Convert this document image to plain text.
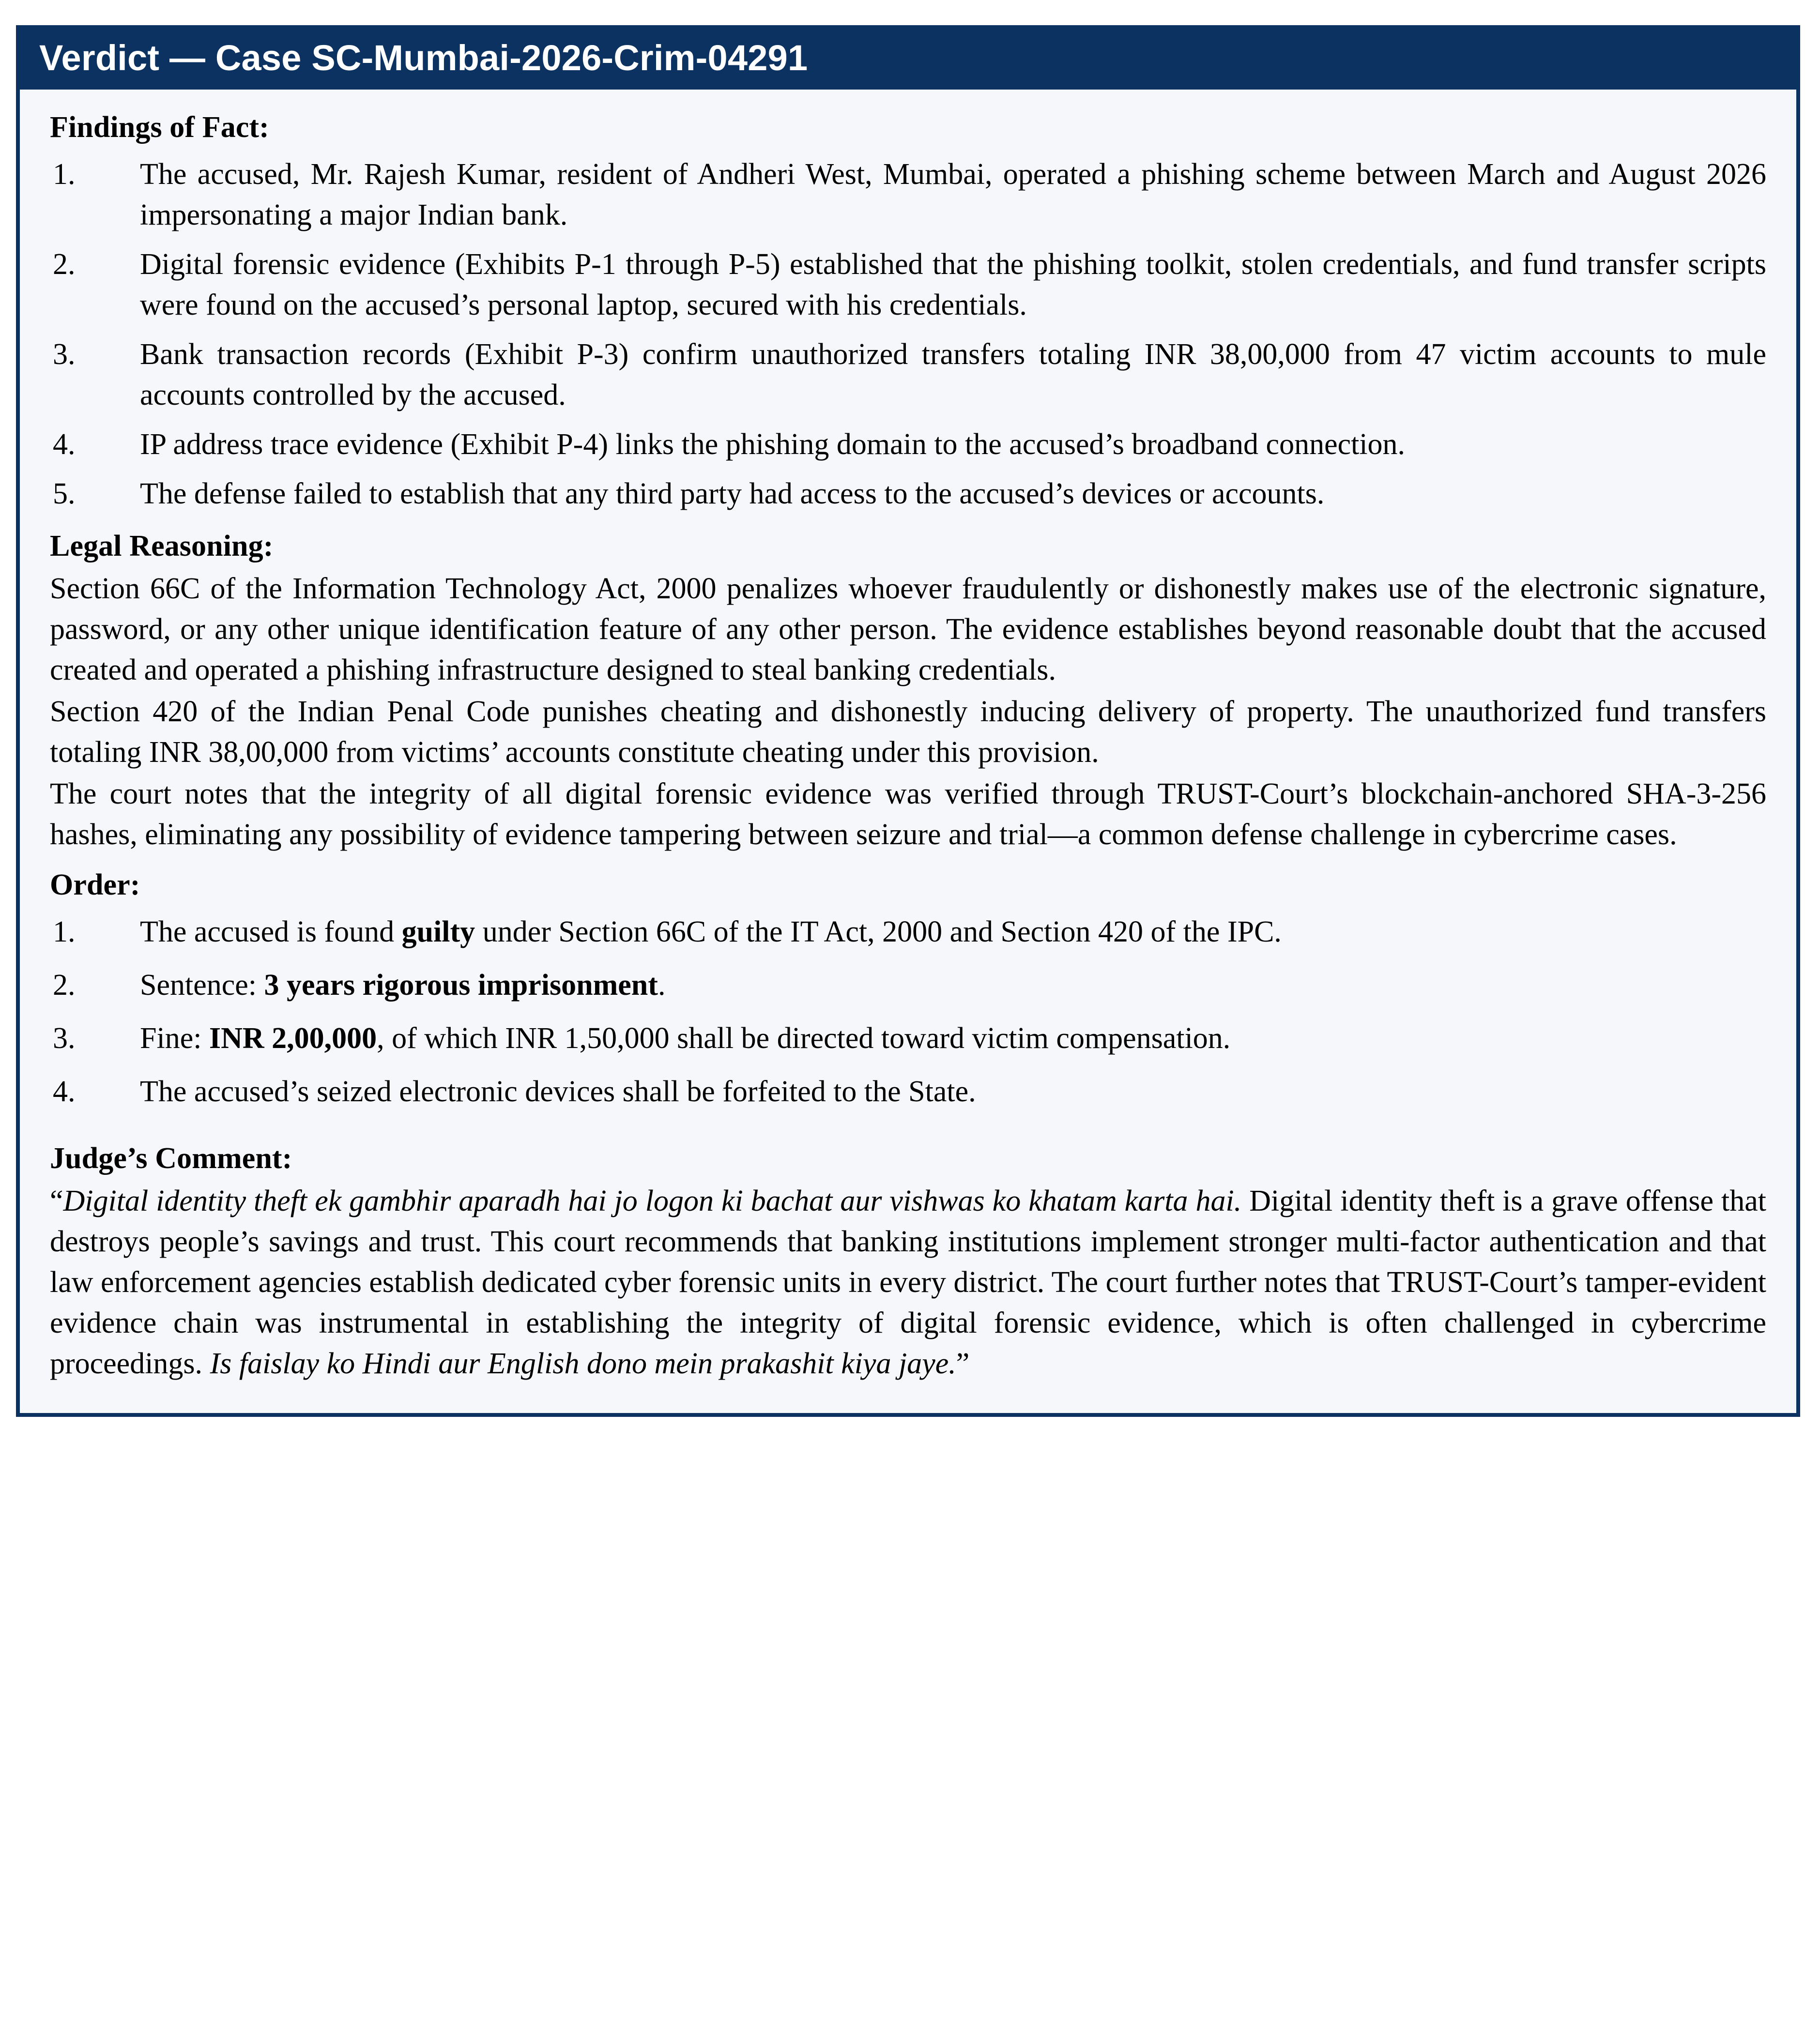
Verdict — Case SC-Mumbai-2026-Crim-04291
Findings of Fact:
The accused, Mr. Rajesh Kumar, resident of Andheri West, Mumbai, operated a phishing scheme between March and August 2026 impersonating a major Indian bank.
Digital forensic evidence (Exhibits P-1 through P-5) established that the phishing toolkit, stolen credentials, and fund transfer scripts were found on the accused’s personal laptop, secured with his credentials.
Bank transaction records (Exhibit P-3) confirm unauthorized transfers totaling INR 38,00,000 from 47 victim accounts to mule accounts controlled by the accused.
IP address trace evidence (Exhibit P-4) links the phishing domain to the accused’s broadband connection.
The defense failed to establish that any third party had access to the accused’s devices or accounts.
Legal Reasoning:

Section 66C of the Information Technology Act, 2000 penalizes whoever fraudulently or dishonestly makes use of the electronic signature, password, or any other unique identification feature of any other person. The evidence establishes beyond reasonable doubt that the accused created and operated a phishing infrastructure designed to steal banking credentials.

Section 420 of the Indian Penal Code punishes cheating and dishonestly inducing delivery of property. The unauthorized fund transfers totaling INR 38,00,000 from victims’ accounts constitute cheating under this provision.

The court notes that the integrity of all digital forensic evidence was verified through TRUST-Court’s blockchain-anchored SHA-3-256 hashes, eliminating any possibility of evidence tampering between seizure and trial—a common defense challenge in cybercrime cases.

Order:
The accused is found guilty under Section 66C of the IT Act, 2000 and Section 420 of the IPC.
Sentence: 3 years rigorous imprisonment.
Fine: INR 2,00,000, of which INR 1,50,000 shall be directed toward victim compensation.
The accused’s seized electronic devices shall be forfeited to the State.
Judge’s Comment:

“Digital identity theft ek gambhir aparadh hai jo logon ki bachat aur vishwas ko khatam karta hai. Digital identity theft is a grave offense that destroys people’s savings and trust. This court recommends that banking institutions implement stronger multi-factor authentication and that law enforcement agencies establish dedicated cyber forensic units in every district. The court further notes that TRUST-Court’s tamper-evident evidence chain was instrumental in establishing the integrity of digital forensic evidence, which is often challenged in cybercrime proceedings. Is faislay ko Hindi aur English dono mein prakashit kiya jaye.”
